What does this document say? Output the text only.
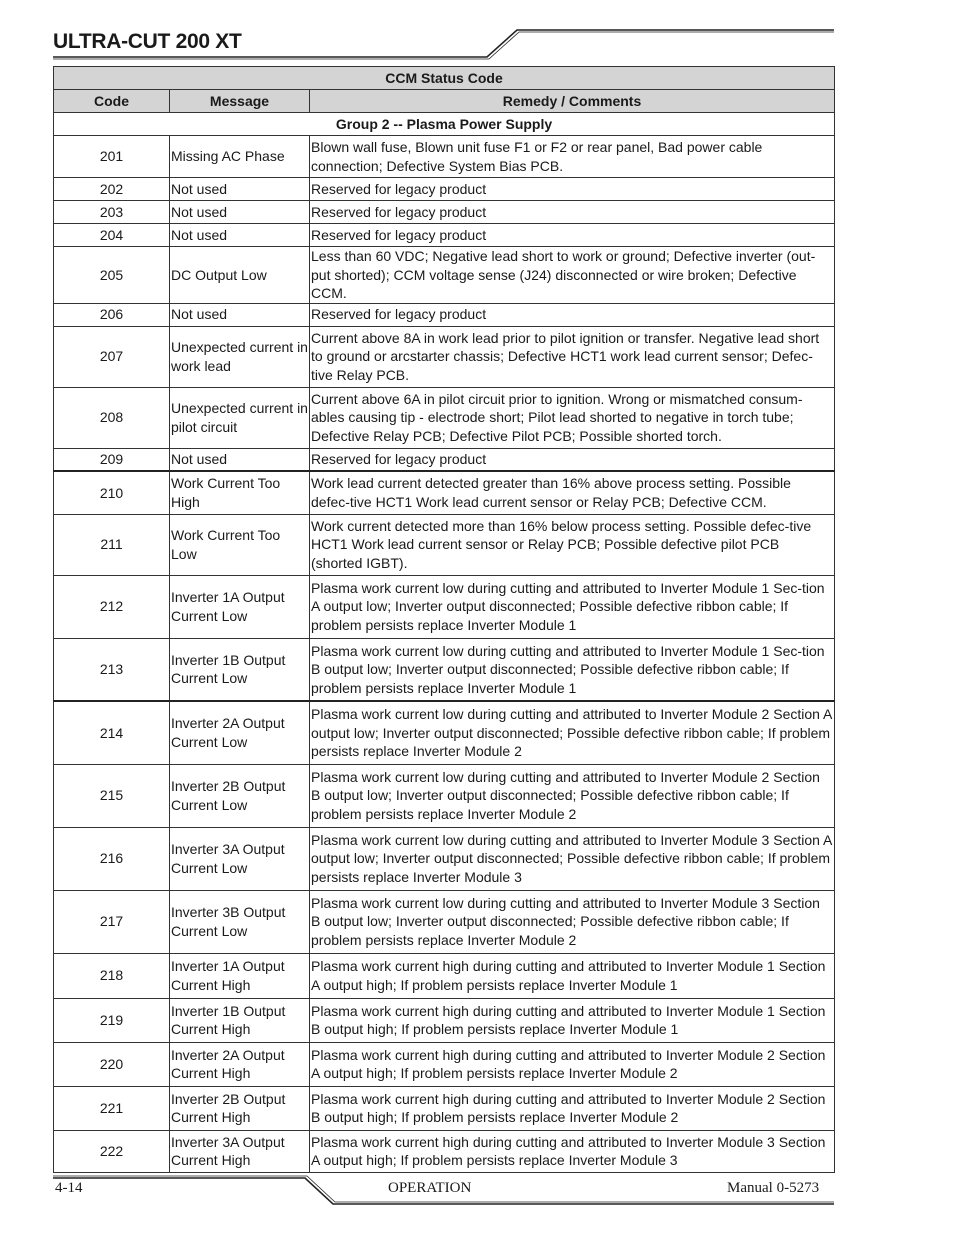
ULTRA-CUT 200 XT
CCM Status Code		
Code	Message	Remedy / Comments
Group 2 -- Plasma Power Supply		
201	Missing AC Phase	Blown wall fuse, Blown unit fuse F1 or F2 or rear panel, Bad power cable connection; Defective System Bias PCB.
202	Not used	Reserved for legacy product
203	Not used	Reserved for legacy product
204	Not used	Reserved for legacy product
205	DC Output Low	Less than 60 VDC; Negative lead short to work or ground; Defective inverter (out-put shorted); CCM voltage sense (J24) disconnected or wire broken; Defective CCM.
206	Not used	Reserved for legacy product
207	Unexpected current in work lead	Current above 8A in work lead prior to pilot ignition or transfer. Negative lead short to ground or arcstarter chassis; Defective HCT1 work lead current sensor; Defec-tive Relay PCB.
208	Unexpected current in pilot circuit	Current above 6A in pilot circuit prior to ignition. Wrong or mismatched consum-ables causing tip - electrode short; Pilot lead shorted to negative in torch tube; Defective Relay PCB; Defective Pilot PCB; Possible shorted torch.
209	Not used	Reserved for legacy product
210	Work Current Too High	Work lead current detected greater than 16% above process setting. Possible defec-tive HCT1 Work lead current sensor or Relay PCB; Defective CCM.
211	Work Current Too Low	Work current detected more than 16% below process setting. Possible defec-tive HCT1 Work lead current sensor or Relay PCB; Possible defective pilot PCB (shorted IGBT).
212	Inverter 1A Output Current Low	Plasma work current low during cutting and attributed to Inverter Module 1 Sec-tion A output low; Inverter output disconnected; Possible defective ribbon cable; If problem persists replace Inverter Module 1
213	Inverter 1B Output Current Low	Plasma work current low during cutting and attributed to Inverter Module 1 Sec-tion B output low; Inverter output disconnected; Possible defective ribbon cable; If problem persists replace Inverter Module 1
214	Inverter 2A Output Current Low	Plasma work current low during cutting and attributed to Inverter Module 2 Section A output low; Inverter output disconnected; Possible defective ribbon cable; If problem persists replace Inverter Module 2
215	Inverter 2B Output Current Low	Plasma work current low during cutting and attributed to Inverter Module 2 Section B output low; Inverter output disconnected; Possible defective ribbon cable; If problem persists replace Inverter Module 2
216	Inverter 3A Output Current Low	Plasma work current low during cutting and attributed to Inverter Module 3 Section A output low; Inverter output disconnected; Possible defective ribbon cable; If problem persists replace Inverter Module 3
217	Inverter 3B Output Current Low	Plasma work current low during cutting and attributed to Inverter Module 3 Section B output low; Inverter output disconnected; Possible defective ribbon cable; If problem persists replace Inverter Module 2
218	Inverter 1A Output Current High	Plasma work current high during cutting and attributed to Inverter Module 1 Section A output high; If problem persists replace Inverter Module 1
219	Inverter 1B Output Current High	Plasma work current high during cutting and attributed to Inverter Module 1 Section B output high; If problem persists replace Inverter Module 1
220	Inverter 2A Output Current High	Plasma work current high during cutting and attributed to Inverter Module 2 Section A output high; If problem persists replace Inverter Module 2
221	Inverter 2B Output Current High	Plasma work current high during cutting and attributed to Inverter Module 2 Section B output high; If problem persists replace Inverter Module 2
222	Inverter 3A Output Current High	Plasma work current high during cutting and attributed to Inverter Module 3 Section A output high; If problem persists replace Inverter Module 3
4-14	OPERATION	Manual 0-5273
